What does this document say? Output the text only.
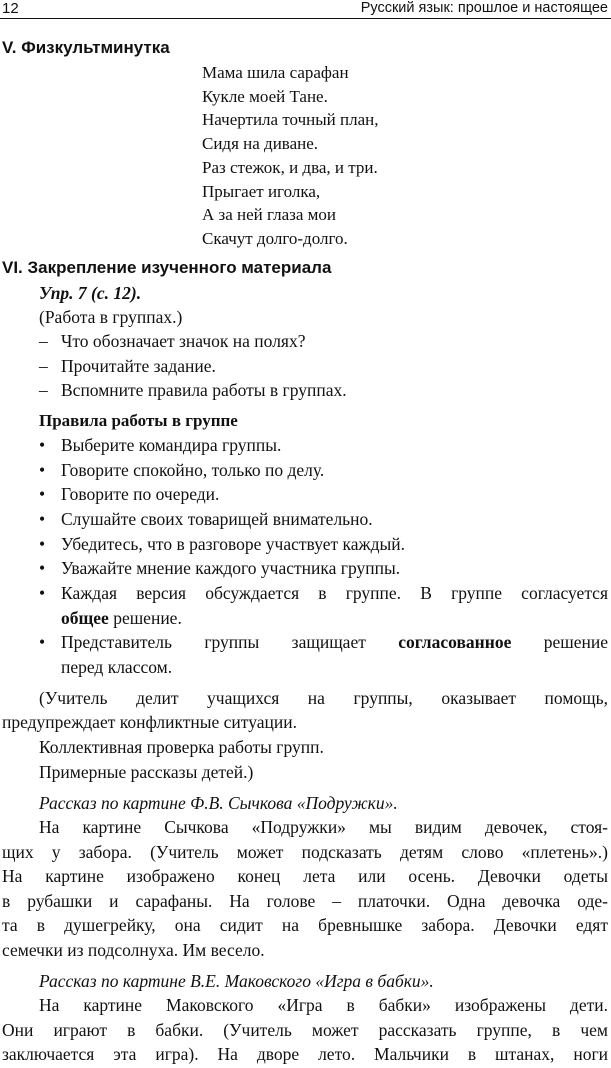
12	Русский язык: прошлое и настоящее
V. Физкультминутка
Мама шила сарафан
Кукле моей Тане.
Начертила точный план,
Сидя на диване.
Раз стежок, и два, и три.
Прыгает иголка,
А за ней глаза мои
Скачут долго-долго.
VI. Закрепление изученного материала
Упр. 7 (с. 12).
(Работа в группах.)
– Что обозначает значок на полях?
– Прочитайте задание.
– Вспомните правила работы в группах.
Правила работы в группе
• Выберите командира группы.
• Говорите спокойно, только по делу.
• Говорите по очереди.
• Слушайте своих товарищей внимательно.
• Убедитесь, что в разговоре участвует каждый.
• Уважайте мнение каждого участника группы.
• Каждая версия обсуждается в группе. В группе согласуется
общее решение.
• Представитель группы защищает согласованное решение
перед классом.
(Учитель делит учащихся на группы, оказывает помощь,
предупреждает конфликтные ситуации.
Коллективная проверка работы групп.
Примерные рассказы детей.)
Рассказ по картине Ф.В. Сычкова «Подружки».
На картине Сычкова «Подружки» мы видим девочек, стоя-
щих у забора. (Учитель может подсказать детям слово «плетень».)
На картине изображено конец лета или осень. Девочки одеты
в рубашки и сарафаны. На голове – платочки. Одна девочка оде-
та в душегрейку, она сидит на бревнышке забора. Девочки едят
семечки из подсолнуха. Им весело.
Рассказ по картине В.Е. Маковского «Игра в бабки».
На картине Маковского «Игра в бабки» изображены дети.
Они играют в бабки. (Учитель может рассказать группе, в чем
заключается эта игра). На дворе лето. Мальчики в штанах, ноги
